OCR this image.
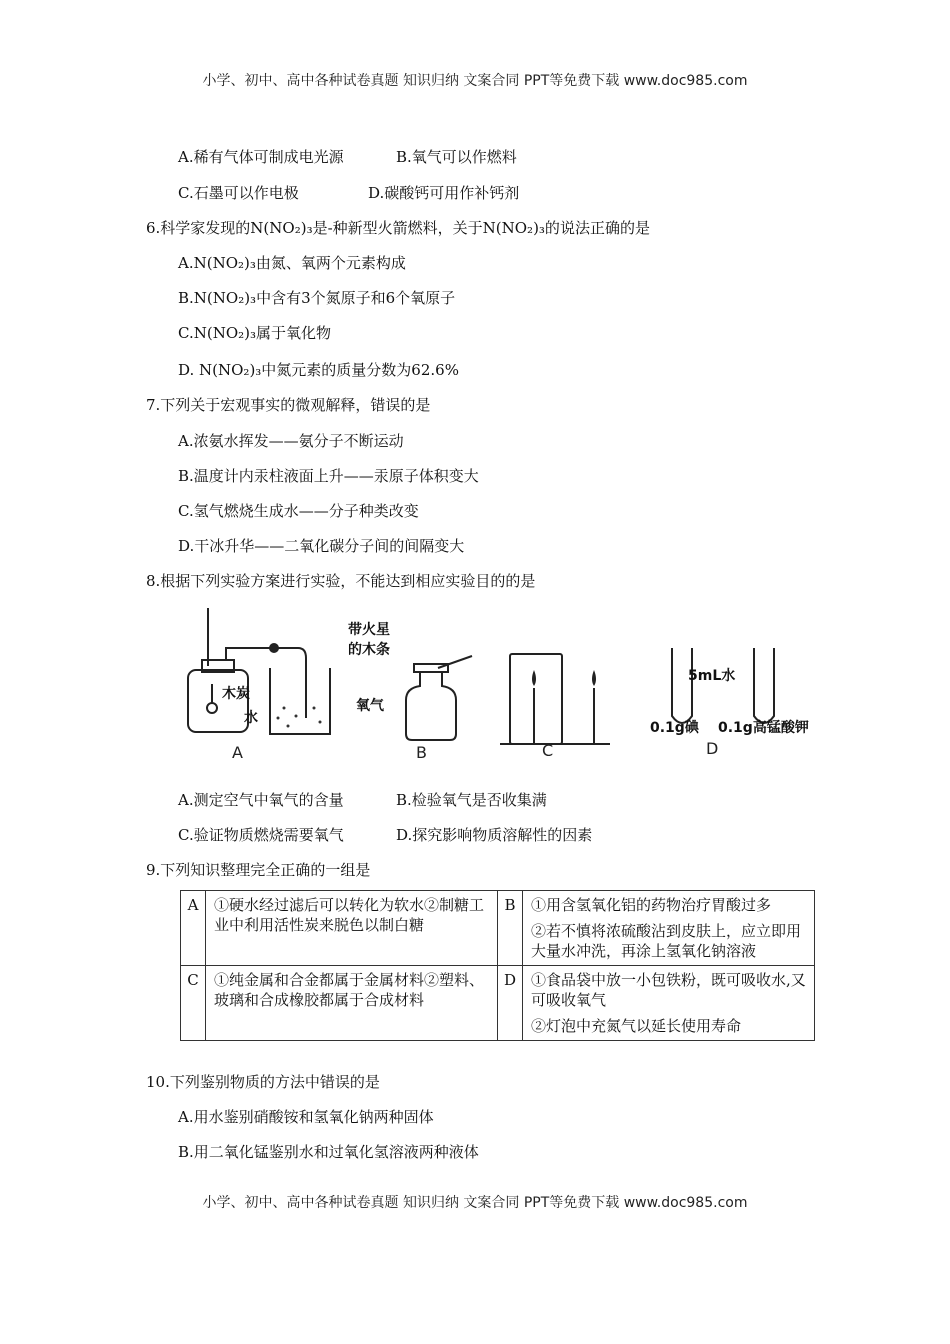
小学、初中、高中各种试卷真题 知识归纳 文案合同 PPT等免费下载 www.doc985.com
A.稀有气体可制成电光源	B.氧气可以作燃料
C.石墨可以作电极	D.碳酸钙可用作补钙剂
6.科学家发现的N(NO₂)₃是-种新型火箭燃料，关于N(NO₂)₃的说法正确的是
A.N(NO₂)₃由氮、氧两个元素构成
B.N(NO₂)₃中含有3个氮原子和6个氧原子
C.N(NO₂)₃属于氧化物
D. N(NO₂)₃中氮元素的质量分数为62.6%
7.下列关于宏观事实的微观解释，错误的是
A.浓氨水挥发——氨分子不断运动
B.温度计内汞柱液面上升——汞原子体积变大
C.氢气燃烧生成水——分子种类改变
D.干冰升华——二氧化碳分子间的间隔变大
8.根据下列实验方案进行实验，不能达到相应实验目的的是
木炭
水
带火星
的木条
氧气
5mL水
0.1g碘 0.1g高锰酸钾
A	B	C	D
A.测定空气中氧气的含量	B.检验氧气是否收集满
C.验证物质燃烧需要氧气	D.探究影响物质溶解性的因素
9.下列知识整理完全正确的一组是
A	①硬水经过滤后可以转化为软水②制糖工业中利用活性炭来脱色以制白糖	B	①用含氢氧化铝的药物治疗胃酸过多
②若不慎将浓硫酸沾到皮肤上，应立即用大量水冲洗，再涂上氢氧化钠溶液

C	①纯金属和合金都属于金属材料②塑料、玻璃和合成橡胶都属于合成材料	D	①食品袋中放一小包铁粉，既可吸收水,又可吸收氧气
②灯泡中充氮气以延长使用寿命
10.下列鉴别物质的方法中错误的是
A.用水鉴别硝酸铵和氢氧化钠两种固体
B.用二氧化锰鉴别水和过氧化氢溶液两种液体
小学、初中、高中各种试卷真题 知识归纳 文案合同 PPT等免费下载 www.doc985.com
